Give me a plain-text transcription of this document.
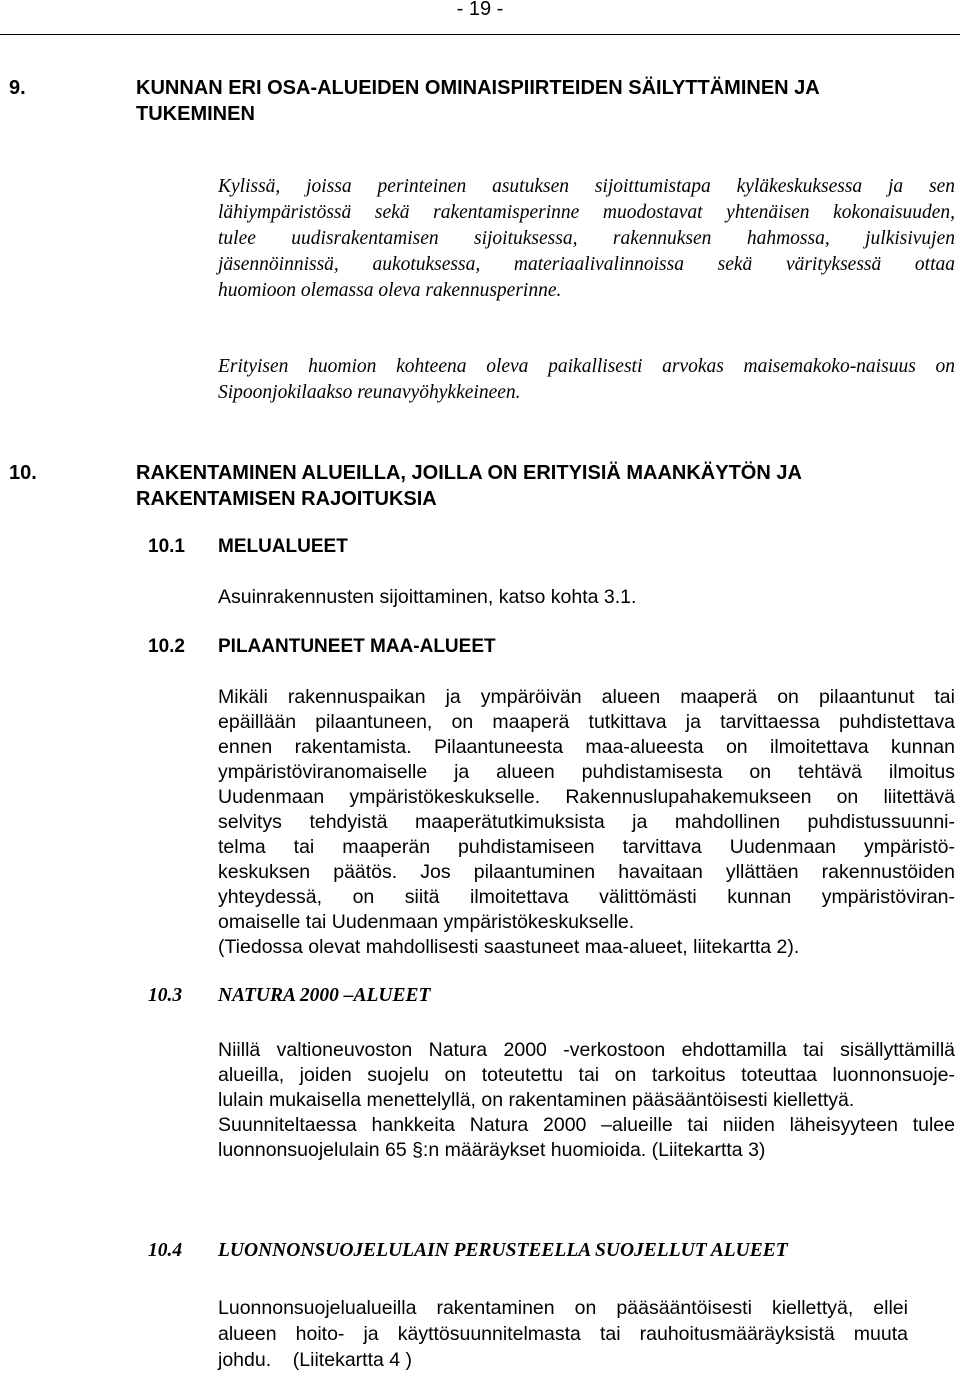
- 19 -
9.	KUNNAN ERI OSA-ALUEIDEN OMINAISPIIRTEIDEN SÄILYTTÄMINEN JA
TUKEMINEN
Kylissä, joissa perinteinen asutuksen sijoittumistapa kyläkeskuksessa ja sen
lähiympäristössä sekä rakentamisperinne muodostavat yhtenäisen kokonaisuuden,
tulee uudisrakentamisen sijoituksessa, rakennuksen hahmossa, julkisivujen
jäsennöinnissä, aukotuksessa, materiaalivalinnoissa sekä värityksessä ottaa
huomioon olemassa oleva rakennusperinne.
Erityisen huomion kohteena oleva paikallisesti arvokas maisemakoko-naisuus on
Sipoonjokilaakso reunavyöhykkeineen.
10.	RAKENTAMINEN ALUEILLA, JOILLA ON ERITYISIÄ MAANKÄYTÖN JA
RAKENTAMISEN RAJOITUKSIA
10.1 MELUALUEET
Asuinrakennusten sijoittaminen, katso kohta 3.1.
10.2 PILAANTUNEET MAA-ALUEET
Mikäli rakennuspaikan ja ympäröivän alueen maaperä on pilaantunut tai
epäillään pilaantuneen, on maaperä tutkittava ja tarvittaessa puhdistettava
ennen rakentamista. Pilaantuneesta maa-alueesta on ilmoitettava kunnan
ympäristöviranomaiselle ja alueen puhdistamisesta on tehtävä ilmoitus
Uudenmaan ympäristökeskukselle. Rakennuslupahakemukseen on liitettävä
selvitys tehdyistä maaperätutkimuksista ja mahdollinen puhdistussuunni-
telma tai maaperän puhdistamiseen tarvittava Uudenmaan ympäristö-
keskuksen päätös. Jos pilaantuminen havaitaan yllättäen rakennustöiden
yhteydessä, on siitä ilmoitettava välittömästi kunnan ympäristöviran-
omaiselle tai Uudenmaan ympäristökeskukselle.
(Tiedossa olevat mahdollisesti saastuneet maa-alueet, liitekartta 2).
10.3 NATURA 2000 –ALUEET
Niillä valtioneuvoston Natura 2000 -verkostoon ehdottamilla tai sisällyttämillä
alueilla, joiden suojelu on toteutettu tai on tarkoitus toteuttaa luonnonsuoje-
lulain mukaisella menettelyllä, on rakentaminen pääsääntöisesti kiellettyä.
Suunniteltaessa hankkeita Natura 2000 –alueille tai niiden läheisyyteen tulee
luonnonsuojelulain 65 §:n määräykset huomioida. (Liitekartta 3)
10.4 LUONNONSUOJELULAIN PERUSTEELLA SUOJELLUT ALUEET
Luonnonsuojelualueilla rakentaminen on pääsääntöisesti kiellettyä, ellei
alueen hoito- ja käyttösuunnitelmasta tai rauhoitusmääräyksistä muuta
johdu.    (Liitekartta 4 )
